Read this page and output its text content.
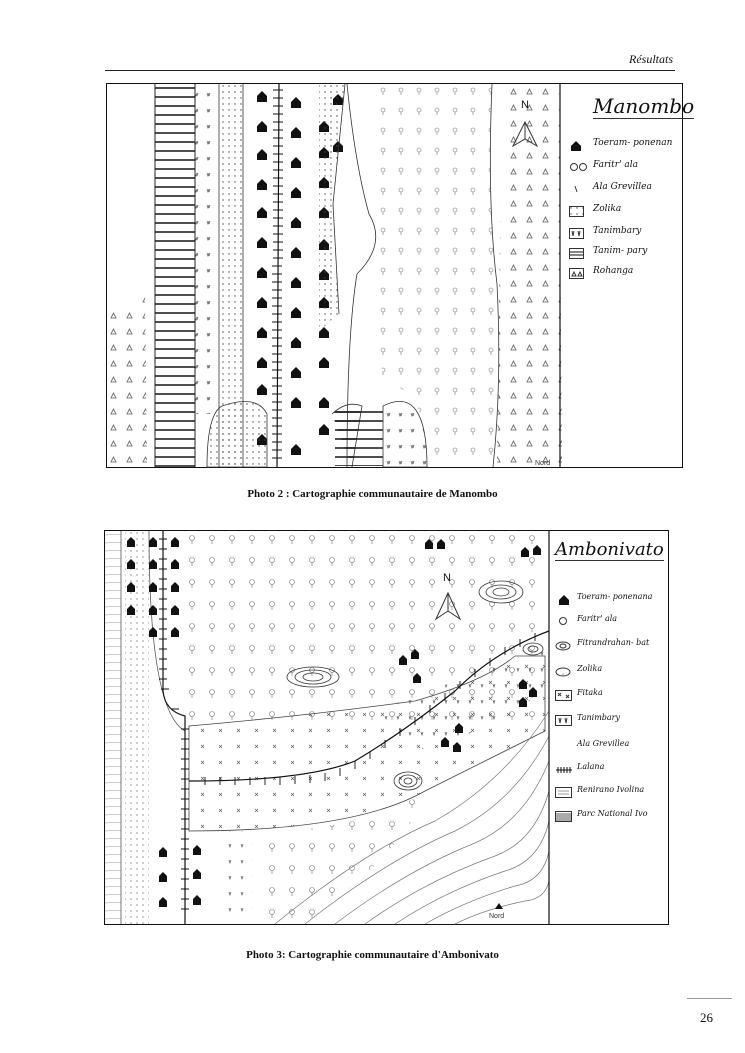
Résultats
N
Nord
Manombo
Toeram- ponenan
Faritr' ala
Ala Grevillea
Zolika
Tanimbary
Tanim- pary
Rohanga
Photo 2 : Cartographie communautaire de Manombo
N
Nord
Ambonivato
Toeram- ponenana
Faritr' ala
Fitrandrahan- bat
Zolika
Fitaka
Tanimbary
Ala Grevillea
Lalana
Renirano Ivolina
Parc National Ivo
Photo 3: Cartographie communautaire d'Ambonivato
26
